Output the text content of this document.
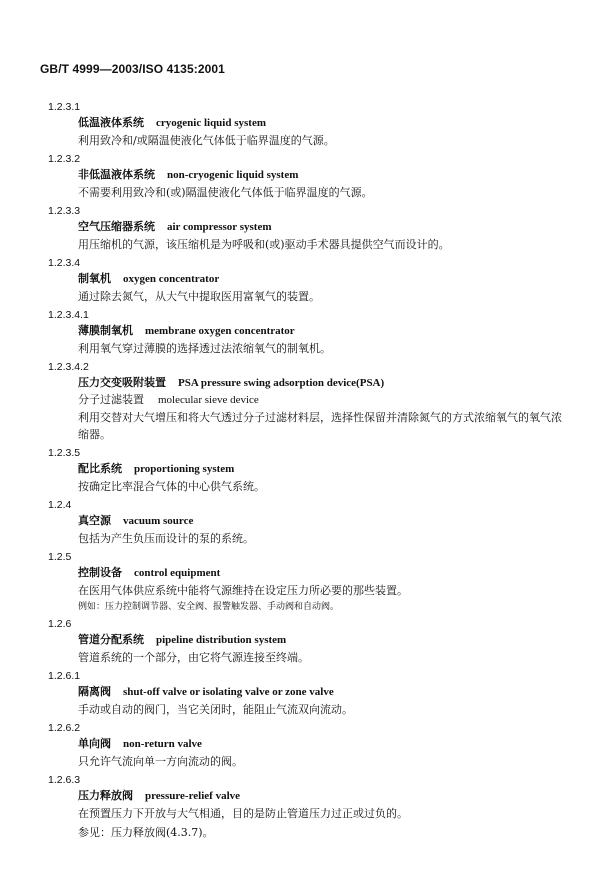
GB/T 4999—2003/ISO 4135:2001
1.2.3.1
低温液体系统 cryogenic liquid system
利用致冷和/或隔温使液化气体低于临界温度的气源。
1.2.3.2
非低温液体系统 non-cryogenic liquid system
不需要利用致冷和(或)隔温使液化气体低于临界温度的气源。
1.2.3.3
空气压缩器系统 air compressor system
用压缩机的气源，该压缩机是为呼吸和(或)驱动手术器具提供空气而设计的。
1.2.3.4
制氧机 oxygen concentrator
通过除去氮气，从大气中提取医用富氧气的装置。
1.2.3.4.1
薄膜制氧机 membrane oxygen concentrator
利用氧气穿过薄膜的选择透过法浓缩氧气的制氧机。
1.2.3.4.2
压力交变吸附装置 PSA pressure swing adsorption device(PSA)
分子过滤装置 molecular sieve device
利用交替对大气增压和将大气透过分子过滤材料层，选择性保留并清除氮气的方式浓缩氧气的氧气浓缩器。
1.2.3.5
配比系统 proportioning system
按确定比率混合气体的中心供气系统。
1.2.4
真空源 vacuum source
包括为产生负压而设计的泵的系统。
1.2.5
控制设备 control equipment
在医用气体供应系统中能将气源维持在设定压力所必要的那些装置。
例如：压力控制调节器、安全阀、报警触发器、手动阀和自动阀。
1.2.6
管道分配系统 pipeline distribution system
管道系统的一个部分，由它将气源连接至终端。
1.2.6.1
隔离阀 shut-off valve or isolating valve or zone valve
手动或自动的阀门，当它关闭时，能阻止气流双向流动。
1.2.6.2
单向阀 non-return valve
只允许气流向单一方向流动的阀。
1.2.6.3
压力释放阀 pressure-relief valve
在预置压力下开放与大气相通，目的是防止管道压力过正或过负的。
参见：压力释放阀(4.3.7)。
